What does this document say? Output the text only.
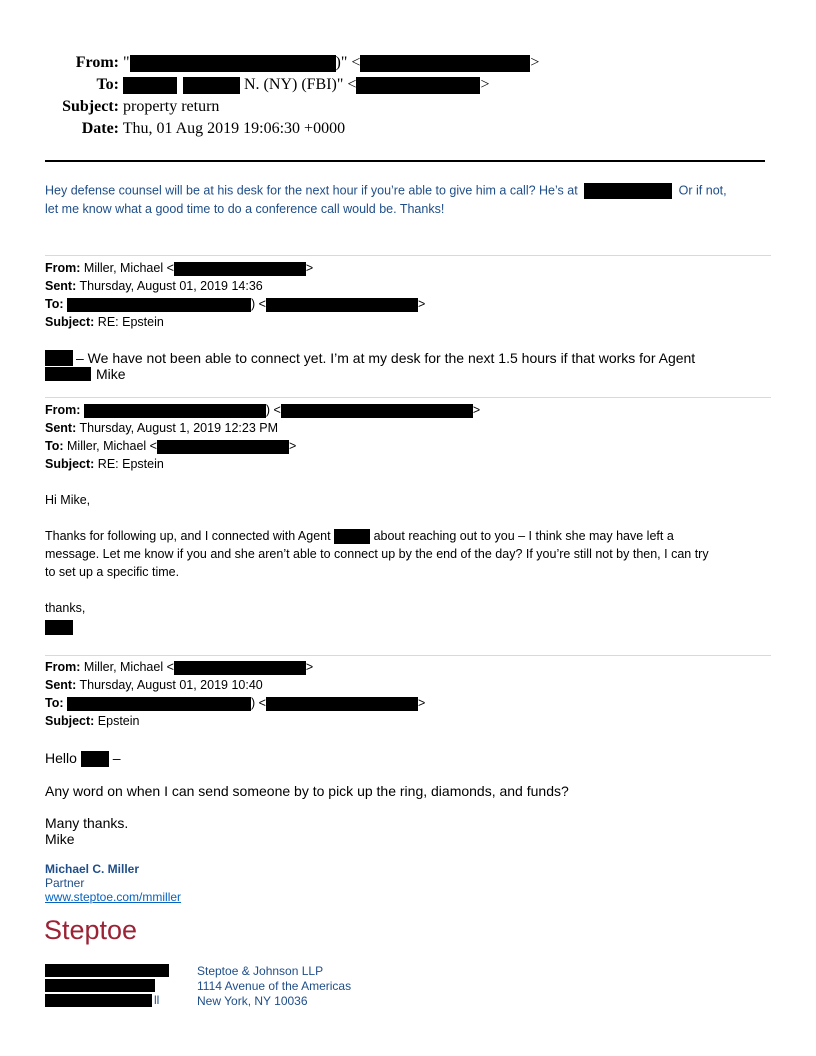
From: "	)" <	>
To:	N. (NY) (FBI)" <	>
Subject: property return
Date: Thu, 01 Aug 2019 19:06:30 +0000
Hey defense counsel will be at his desk for the next hour if you’re able to give him a call? He’s at	Or if not,
let me know what a good time to do a conference call would be. Thanks!
From: Miller, Michael <	>
Sent: Thursday, August 01, 2019 14:36
To:	) <	>
Subject: RE: Epstein
– We have not been able to connect yet. I’m at my desk for the next 1.5 hours if that works for Agent
Mike
From:	) <	>
Sent: Thursday, August 1, 2019 12:23 PM
To: Miller, Michael <	>
Subject: RE: Epstein
Hi Mike,
Thanks for following up, and I connected with Agent	about reaching out to you – I think she may have left a
message. Let me know if you and she aren’t able to connect up by the end of the day? If you’re still not by then, I can try
to set up a specific time.
thanks,
From: Miller, Michael <	>
Sent: Thursday, August 01, 2019 10:40
To:	) <	>
Subject: Epstein
Hello	–
Any word on when I can send someone by to pick up the ring, diamonds, and funds?
Many thanks.
Mike
Michael C. Miller
Partner
www.steptoe.com/mmiller
Steptoe
ll
Steptoe & Johnson LLP
1114 Avenue of the Americas
New York, NY 10036
